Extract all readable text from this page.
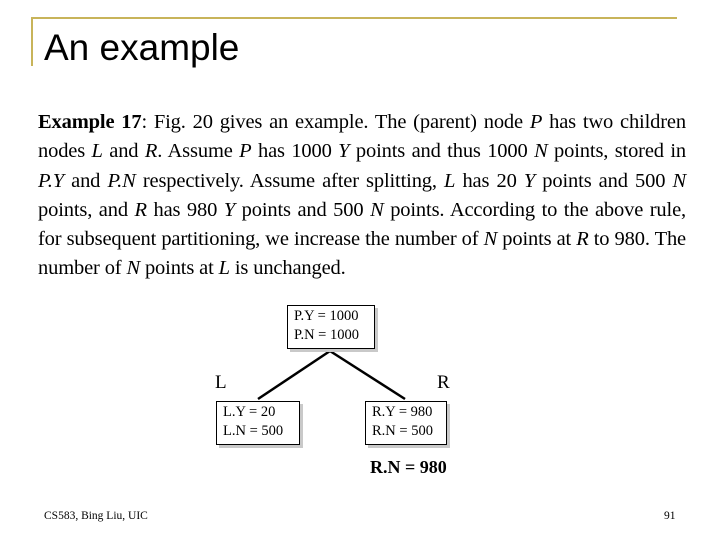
An example

Example 17: Fig. 20 gives an example. The (parent) node P has two children nodes L and R. Assume P has 1000 Y points and thus 1000 N points, stored in P.Y and P.N respectively. Assume after splitting, L has 20 Y points and 500 N points, and R has 980 Y points and 500 N points. According to the above rule, for subsequent partitioning, we increase the number of N points at R to 980. The number of N points at L is unchanged.

P.Y = 1000
P.N = 1000
L	R
L.Y = 20
L.N = 500
R.Y = 980
R.N = 500
R.N = 980
CS583, Bing Liu, UIC	91
